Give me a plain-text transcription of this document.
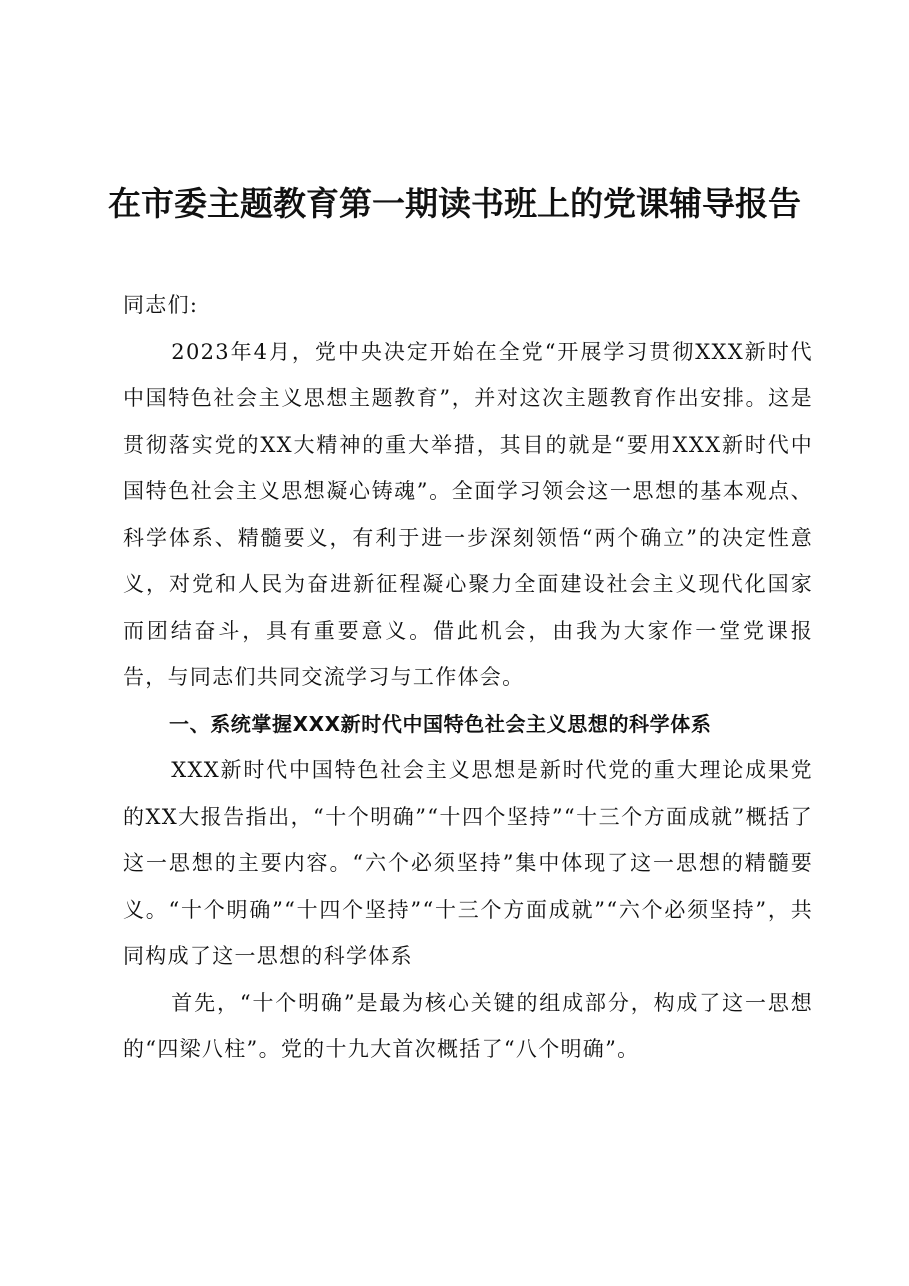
在市委主题教育第一期读书班上的党课辅导报告

同志们:

2023年4月，党中央决定开始在全党“开展学习贯彻XXX新时代中国特色社会主义思想主题教育”，并对这次主题教育作出安排。这是贯彻落实党的XX大精神的重大举措，其目的就是“要用XXX新时代中国特色社会主义思想凝心铸魂”。全面学习领会这一思想的基本观点、科学体系、精髓要义，有利于进一步深刻领悟“两个确立”的决定性意义，对党和人民为奋进新征程凝心聚力全面建设社会主义现代化国家而团结奋斗，具有重要意义。借此机会，由我为大家作一堂党课报告，与同志们共同交流学习与工作体会。

一、系统掌握XXX新时代中国特色社会主义思想的科学体系

XXX新时代中国特色社会主义思想是新时代党的重大理论成果党的XX大报告指出，“十个明确”“十四个坚持”“十三个方面成就”概括了这一思想的主要内容。“六个必须坚持”集中体现了这一思想的精髓要义。“十个明确”“十四个坚持”“十三个方面成就”“六个必须坚持”，共同构成了这一思想的科学体系

首先，“十个明确”是最为核心关键的组成部分，构成了这一思想的“四梁八柱”。党的十九大首次概括了“八个明确”。
